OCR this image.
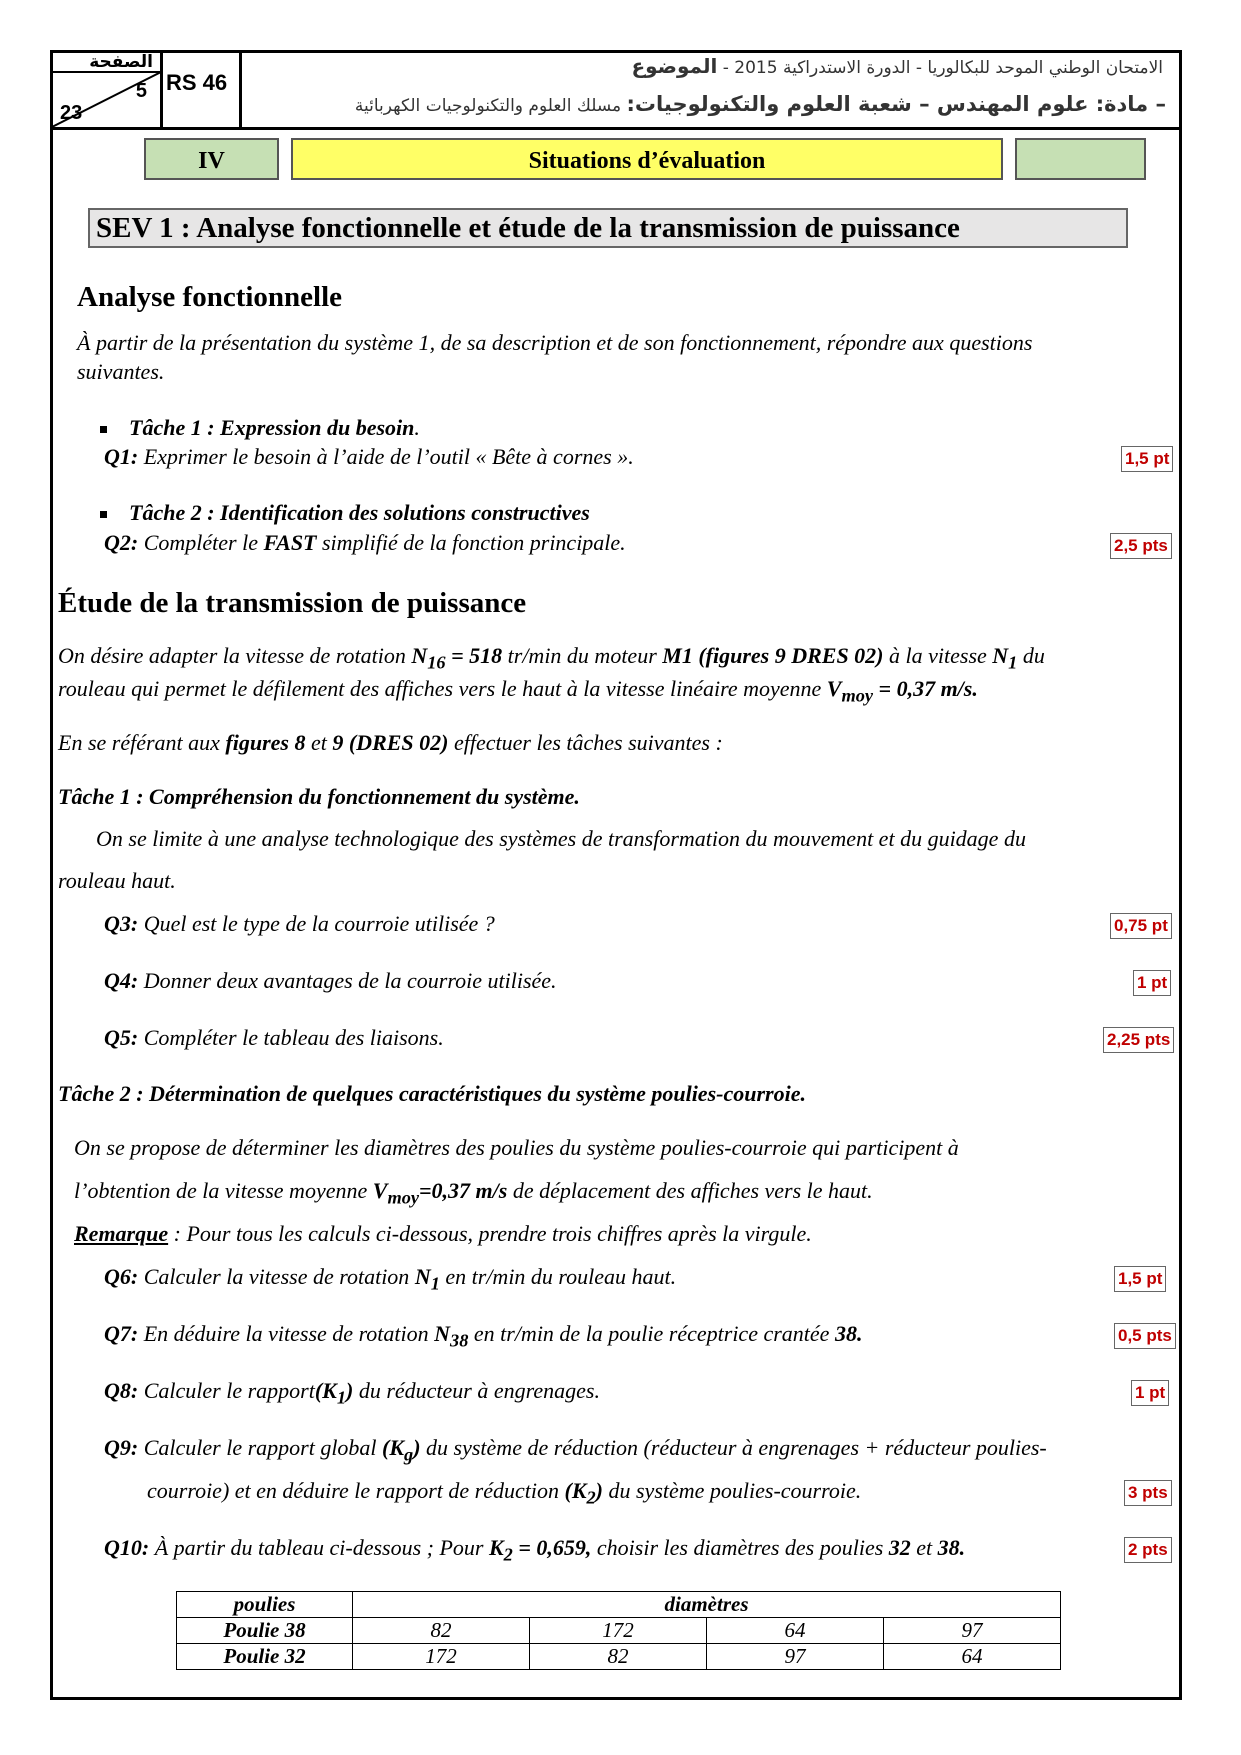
الصفحة
5
23
RS 46
الامتحان الوطني الموحد للبكالوريا - الدورة الاستدراكية 2015 - الموضوع
– مادة: علوم المهندس – شعبة العلوم والتكنولوجيات: مسلك العلوم والتكنولوجيات الكهربائية
IV	Situations d’évaluation
SEV 1 : Analyse fonctionnelle et étude de la transmission de puissance
Analyse fonctionnelle
À partir de la présentation du système 1, de sa description et de son fonctionnement, répondre aux questions
suivantes.
Tâche 1 : Expression du besoin.
Q1: Exprimer le besoin à l’aide de l’outil « Bête à cornes ».	1,5 pt
Tâche 2 : Identification des solutions constructives
Q2: Compléter le FAST simplifié de la fonction principale.	2,5 pts
Étude de la transmission de puissance
On désire adapter la vitesse de rotation $N_{16} = 518$ tr/min du moteur M1 (figures 9 DRES 02) à la vitesse $N_1$ du
rouleau qui permet le défilement des affiches vers le haut à la vitesse linéaire moyenne $V_{moy} = 0,37$ m/s.
En se référant aux figures 8 et 9 (DRES 02) effectuer les tâches suivantes :
Tâche 1 : Compréhension du fonctionnement du système.
On se limite à une analyse technologique des systèmes de transformation du mouvement et du guidage du
rouleau haut.
Q3: Quel est le type de la courroie utilisée ?	0,75 pt
Q4: Donner deux avantages de la courroie utilisée.	1 pt
Q5: Compléter le tableau des liaisons.	2,25 pts
Tâche 2 : Détermination de quelques caractéristiques du système poulies-courroie.
On se propose de déterminer les diamètres des poulies du système poulies-courroie qui participent à
l’obtention de la vitesse moyenne $V_{moy}=0,37$ m/s de déplacement des affiches vers le haut.
Remarque : Pour tous les calculs ci-dessous, prendre trois chiffres après la virgule.
Q6: Calculer la vitesse de rotation $N_1$ en tr/min du rouleau haut.	1,5 pt
Q7: En déduire la vitesse de rotation $N_{38}$ en tr/min de la poulie réceptrice crantée 38.	0,5 pts
Q8: Calculer le $rapport(K_1)$ du réducteur à engrenages.	1 pt
Q9: Calculer le rapport global $(K_g)$ du système de réduction (réducteur à engrenages + réducteur poulies-
courroie) et en déduire le rapport de réduction $(K_2)$ du système poulies-courroie.	3 pts
Q10: À partir du tableau ci-dessous ; Pour $K_2 = 0,659$, choisir les diamètres des poulies 32 et 38.	2 pts
poulies	diamètres			
Poulie 38	82	172	64	97
Poulie 32	172	82	97	64
